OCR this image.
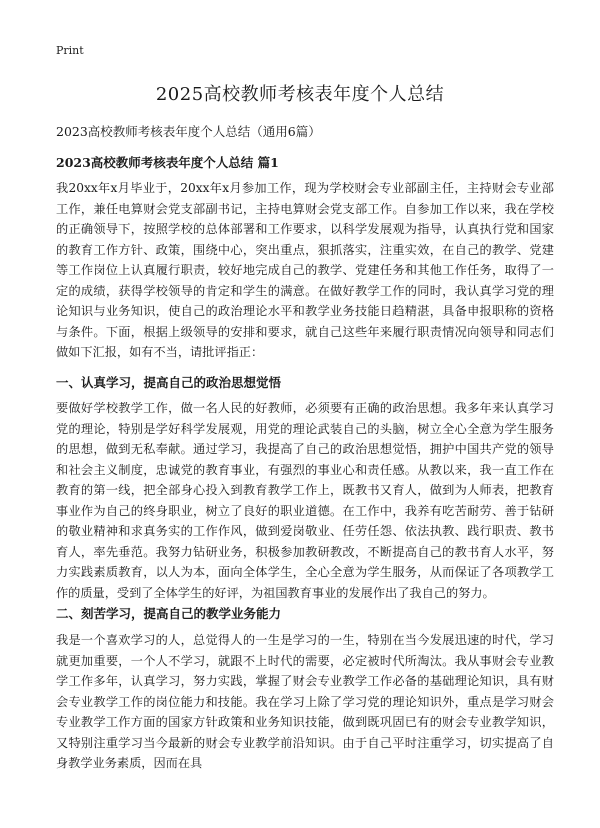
Print
2025高校教师考核表年度个人总结

2023高校教师考核表年度个人总结（通用6篇）

2023高校教师考核表年度个人总结 篇1

我20xx年x月毕业于，20xx年x月参加工作，现为学校财会专业部副主任，主持财会专业部工作，兼任电算财会党支部副书记，主持电算财会党支部工作。自参加工作以来，我在学校的正确领导下，按照学校的总体部署和工作要求，以科学发展观为指导，认真执行党和国家的教育工作方针、政策，围绕中心，突出重点，狠抓落实，注重实效，在自己的教学、党建等工作岗位上认真履行职责，较好地完成自己的教学、党建任务和其他工作任务，取得了一定的成绩，获得学校领导的肯定和学生的满意。在做好教学工作的同时，我认真学习党的理论知识与业务知识，使自己的政治理论水平和教学业务技能日趋精湛，具备申报职称的资格与条件。下面，根据上级领导的安排和要求，就自己这些年来履行职责情况向领导和同志们做如下汇报，如有不当，请批评指正：

一、认真学习，提高自己的政治思想觉悟

要做好学校教学工作，做一名人民的好教师，必须要有正确的政治思想。我多年来认真学习党的理论，特别是学好科学发展观，用党的理论武装自己的头脑，树立全心全意为学生服务的思想，做到无私奉献。通过学习，我提高了自己的政治思想觉悟，拥护中国共产党的领导和社会主义制度，忠诚党的教育事业，有强烈的事业心和责任感。从教以来，我一直工作在教育的第一线，把全部身心投入到教育教学工作上，既教书又育人，做到为人师表，把教育事业作为自己的终身职业，树立了良好的职业道德。在工作中，我养有吃苦耐劳、善于钻研的敬业精神和求真务实的工作作风，做到爱岗敬业、任劳任怨、依法执教、践行职责、教书育人，率先垂范。我努力钻研业务，积极参加教研教改，不断提高自己的教书育人水平，努力实践素质教育，以人为本，面向全体学生，全心全意为学生服务，从而保证了各项教学工作的质量，受到了全体学生的好评，为祖国教育事业的发展作出了我自己的努力。

二、刻苦学习，提高自己的教学业务能力

我是一个喜欢学习的人，总觉得人的一生是学习的一生，特别在当今发展迅速的时代，学习就更加重要，一个人不学习，就跟不上时代的需要，必定被时代所淘汰。我从事财会专业教学工作多年，认真学习，努力实践，掌握了财会专业教学工作必备的基础理论知识，具有财会专业教学工作的岗位能力和技能。我在学习上除了学习党的理论知识外，重点是学习财会专业教学工作方面的国家方针政策和业务知识技能，做到既巩固已有的财会专业教学知识，又特别注重学习当今最新的财会专业教学前沿知识。由于自己平时注重学习，切实提高了自身教学业务素质，因而在具
